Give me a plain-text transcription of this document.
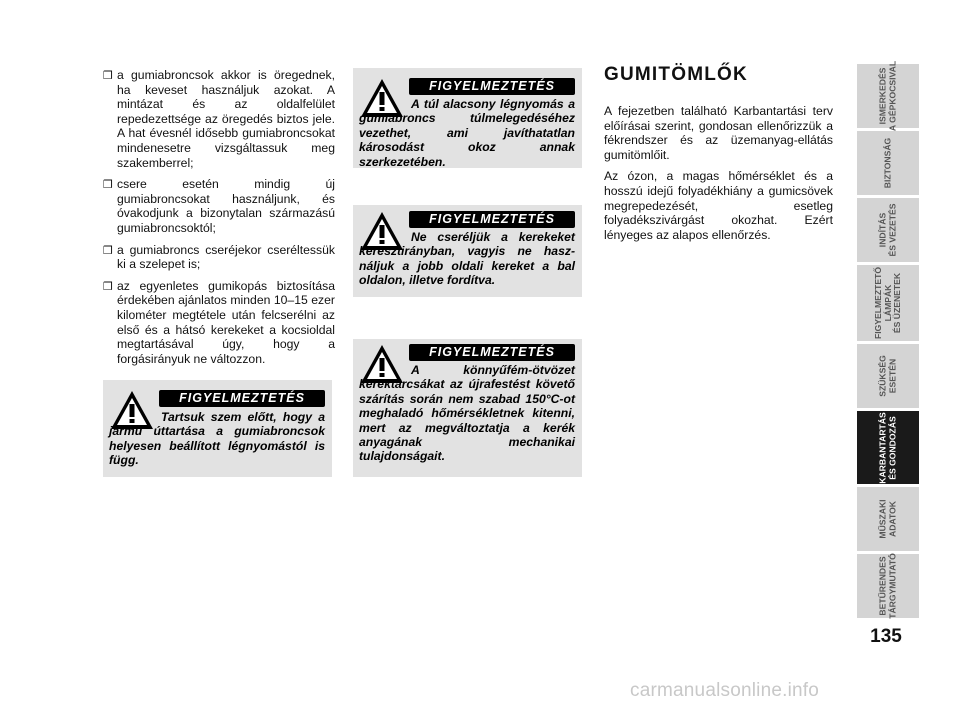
❒ a gumiabroncsok akkor is öregednek, ha keveset használjuk azokat. A mintázat és az oldalfelület repedezettsége az öregedés biztos jele. A hat évesnél idősebb gumiabroncsokat mindenesetre vizsgáltassuk meg szakemberrel;
❒ csere esetén mindig új gumiabroncsokat használjunk, és óvakodjunk a bizonytalan származású gumiabroncsoktól;
❒ a gumiabroncs cseréjekor cseréltessük ki a szelepet is;
❒ az egyenletes gumikopás biztosítása érdekében ajánlatos minden 10–15 ezer kilométer megtétele után felcserélni az első és a hátsó kerekeket a kocsioldal megtartásával úgy, hogy a forgásirányuk ne változzon.
FIGYELMEZTETÉS
Tartsuk szem előtt, hogy a jármű úttartása a gumiabroncsok helyesen beállított légnyomástól is függ.
FIGYELMEZTETÉS
A túl alacsony légnyomás a gumiabroncs túlmelegedéséhez vezethet, ami javíthatatlan károsodást okoz annak szerkezetében.
FIGYELMEZTETÉS
Ne cseréljük a kerekeket keresztirányban, vagyis ne hasz- náljuk a jobb oldali kereket a bal oldalon, illetve fordítva.
FIGYELMEZTETÉS
A könnyűfém-ötvözet keréktárcsákat az újrafestést követő szárítás során nem szabad 150°C-ot meghaladó hőmérsékletnek kitenni, mert az megváltoztatja a kerék anyagának mechanikai tulajdonságait.
GUMITÖMLŐK

A fejezetben található Karbantartási terv előírásai szerint, gondosan ellenőrizzük a fékrendszer és az üzemanyag-ellátás gumitömlőit.

Az ózon, a magas hőmérséklet és a hosszú idejű folyadékhiány a gumicsövek megrepedezését, esetleg folyadékszivárgást okozhat. Ezért lényeges az alapos ellenőrzés.

ISMERKEDÉS
A GÉPKOCSIVAL
BIZTONSÁG
INDÍTÁS
ÉS VEZETÉS
FIGYELMEZTETŐ
LÁMPÁK
ÉS ÜZENETEK
SZÜKSÉG
ESETÉN
KARBANTARTÁS
ÉS GONDOZÁS
MŰSZAKI
ADATOK
BETŰRENDES
TÁRGYMUTATÓ
135
carmanualsonline.info
